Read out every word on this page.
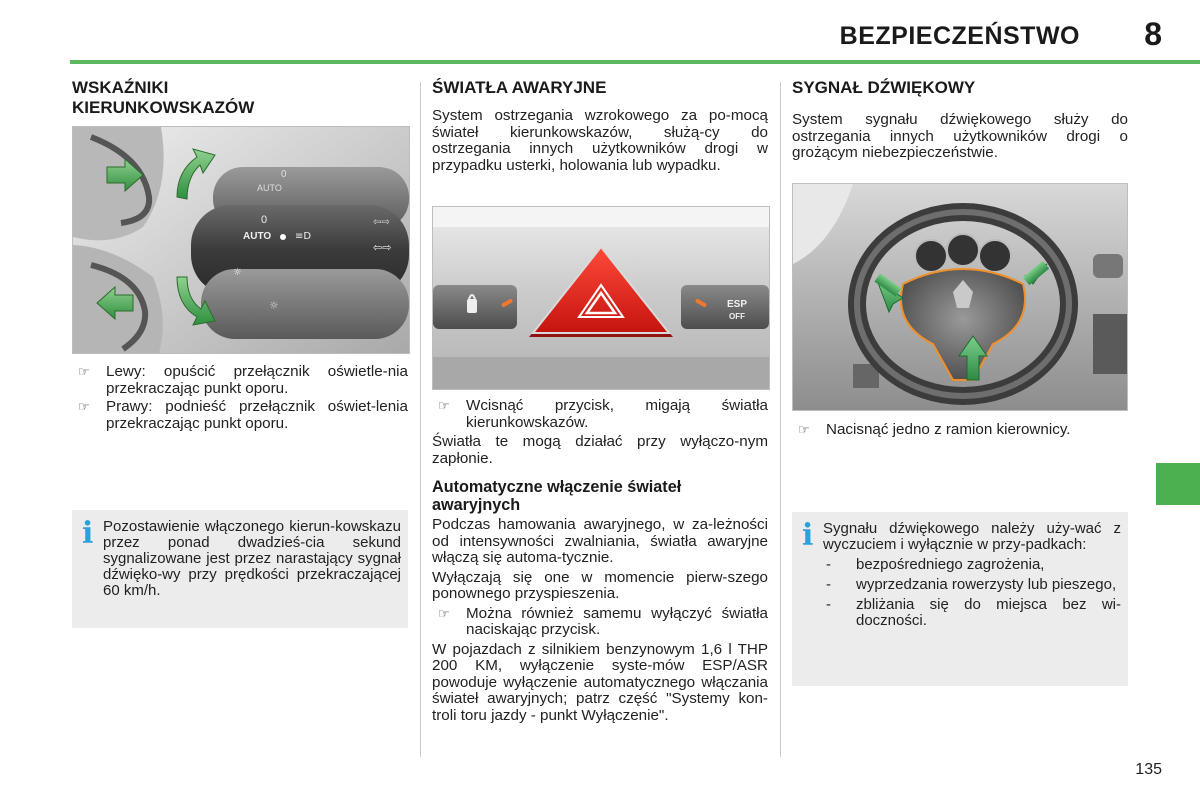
BEZPIECZEŃSTWO 8
WSKAŹNIKI
KIERUNKOWSKAZÓW
AUTO
0
AUTO
0
≡D
☼
☼
⇦⇨
⇦⇨
☞	Lewy: opuścić przełącznik oświetle-nia przekraczając punkt oporu.
☞	Prawy: podnieść przełącznik oświet-lenia przekraczając punkt oporu.
i Pozostawienie włączonego kierun-kowskazu przez ponad dwadzieś-cia sekund sygnalizowane jest przez narastający sygnał dźwięko-wy przy prędkości przekraczającej 60 km/h.

ŚWIATŁA AWARYJNE

System ostrzegania wzrokowego za po-mocą świateł kierunkowskazów, służą-cy do ostrzegania innych użytkowników drogi w przypadku usterki, holowania lub wypadku.

ESP
OFF
☞	Wcisnąć przycisk, migają światła kierunkowskazów.

Światła te mogą działać przy wyłączo-nym zapłonie.

Automatyczne włączenie świateł
awaryjnych

Podczas hamowania awaryjnego, w za-leżności od intensywności zwalniania, światła awaryjne włączą się automa-tycznie.

Wyłączają się one w momencie pierw-szego ponownego przyspieszenia.

☞	Można również samemu wyłączyć światła naciskając przycisk.

W pojazdach z silnikiem benzynowym 1,6 l THP 200 KM, wyłączenie syste-mów ESP/ASR powoduje wyłączenie automatycznego włączania świateł awaryjnych; patrz część "Systemy kon-troli toru jazdy - punkt Wyłączenie".

SYGNAŁ DŹWIĘKOWY

System sygnału dźwiękowego służy do ostrzegania innych użytkowników drogi o grożącym niebezpieczeństwie.

☞	Nacisnąć jedno z ramion kierownicy.
i Sygnału dźwiękowego należy uży-wać z wyczuciem i wyłącznie w przy-padkach:

-	bezpośredniego zagrożenia,
-	wyprzedzania rowerzysty lub pieszego,
-	zbliżania się do miejsca bez wi-doczności.
135
